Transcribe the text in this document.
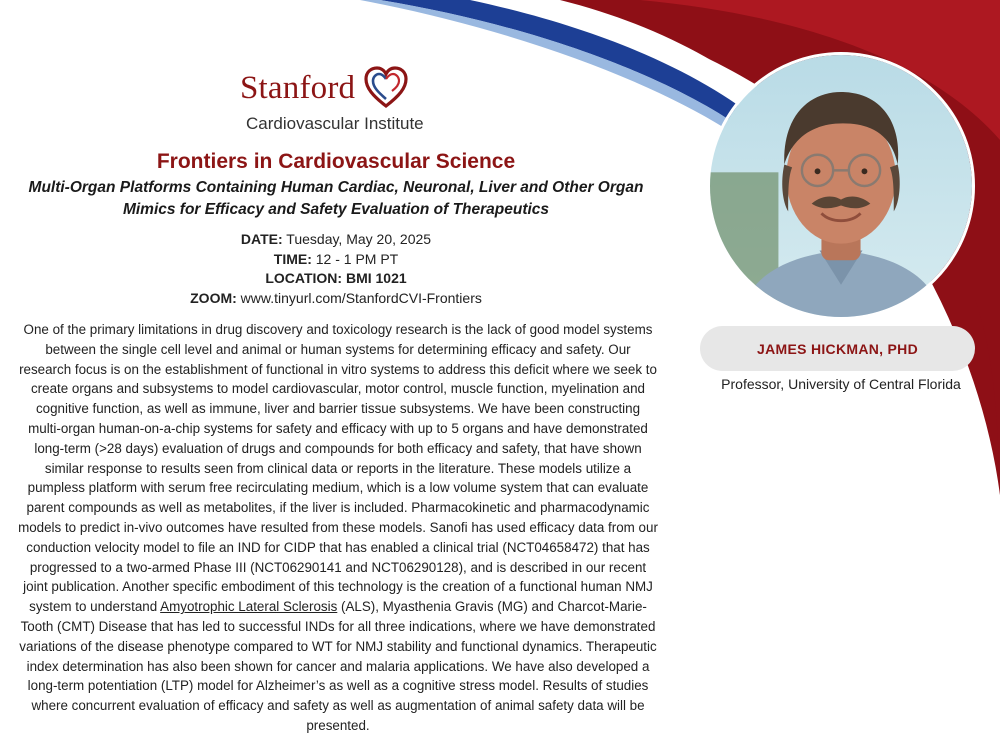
Stanford
Cardiovascular Institute
Frontiers in Cardiovascular Science
Multi-Organ Platforms Containing Human Cardiac, Neuronal, Liver and Other Organ
Mimics for Efficacy and Safety Evaluation of Therapeutics
DATE: Tuesday, May 20, 2025
TIME: 12 - 1 PM PT
LOCATION: BMI 1021
ZOOM: www.tinyurl.com/StanfordCVI-Frontiers
One of the primary limitations in drug discovery and toxicology research is the lack of good model systems between the single cell level and animal or human systems for determining efficacy and safety. Our research focus is on the establishment of functional in vitro systems to address this deficit where we seek to create organs and subsystems to model cardiovascular, motor control, muscle function, myelination and cognitive function, as well as immune, liver and barrier tissue subsystems. We have been constructing multi-organ human-on-a-chip systems for safety and efficacy with up to 5 organs and have demonstrated long-term (>28 days) evaluation of drugs and compounds for both efficacy and safety, that have shown similar response to results seen from clinical data or reports in the literature. These models utilize a pumpless platform with serum free recirculating medium, which is a low volume system that can evaluate parent compounds as well as metabolites, if the liver is included. Pharmacokinetic and pharmacodynamic models to predict in-vivo outcomes have resulted from these models. Sanofi has used efficacy data from our conduction velocity model to file an IND for CIDP that has enabled a clinical trial (NCT04658472) that has progressed to a two-armed Phase III (NCT06290141 and NCT06290128), and is described in our recent joint publication. Another specific embodiment of this technology is the creation of a functional human NMJ system to understand Amyotrophic Lateral Sclerosis (ALS), Myasthenia Gravis (MG) and Charcot-Marie-Tooth (CMT) Disease that has led to successful INDs for all three indications, where we have demonstrated variations of the disease phenotype compared to WT for NMJ stability and functional dynamics. Therapeutic index determination has also been shown for cancer and malaria applications. We have also developed a long-term potentiation (LTP) model for Alzheimer’s as well as a cognitive stress model. Results of studies where concurrent evaluation of efficacy and safety as well as augmentation of animal safety data will be presented.
JAMES HICKMAN, PHD
Professor, University of Central Florida
